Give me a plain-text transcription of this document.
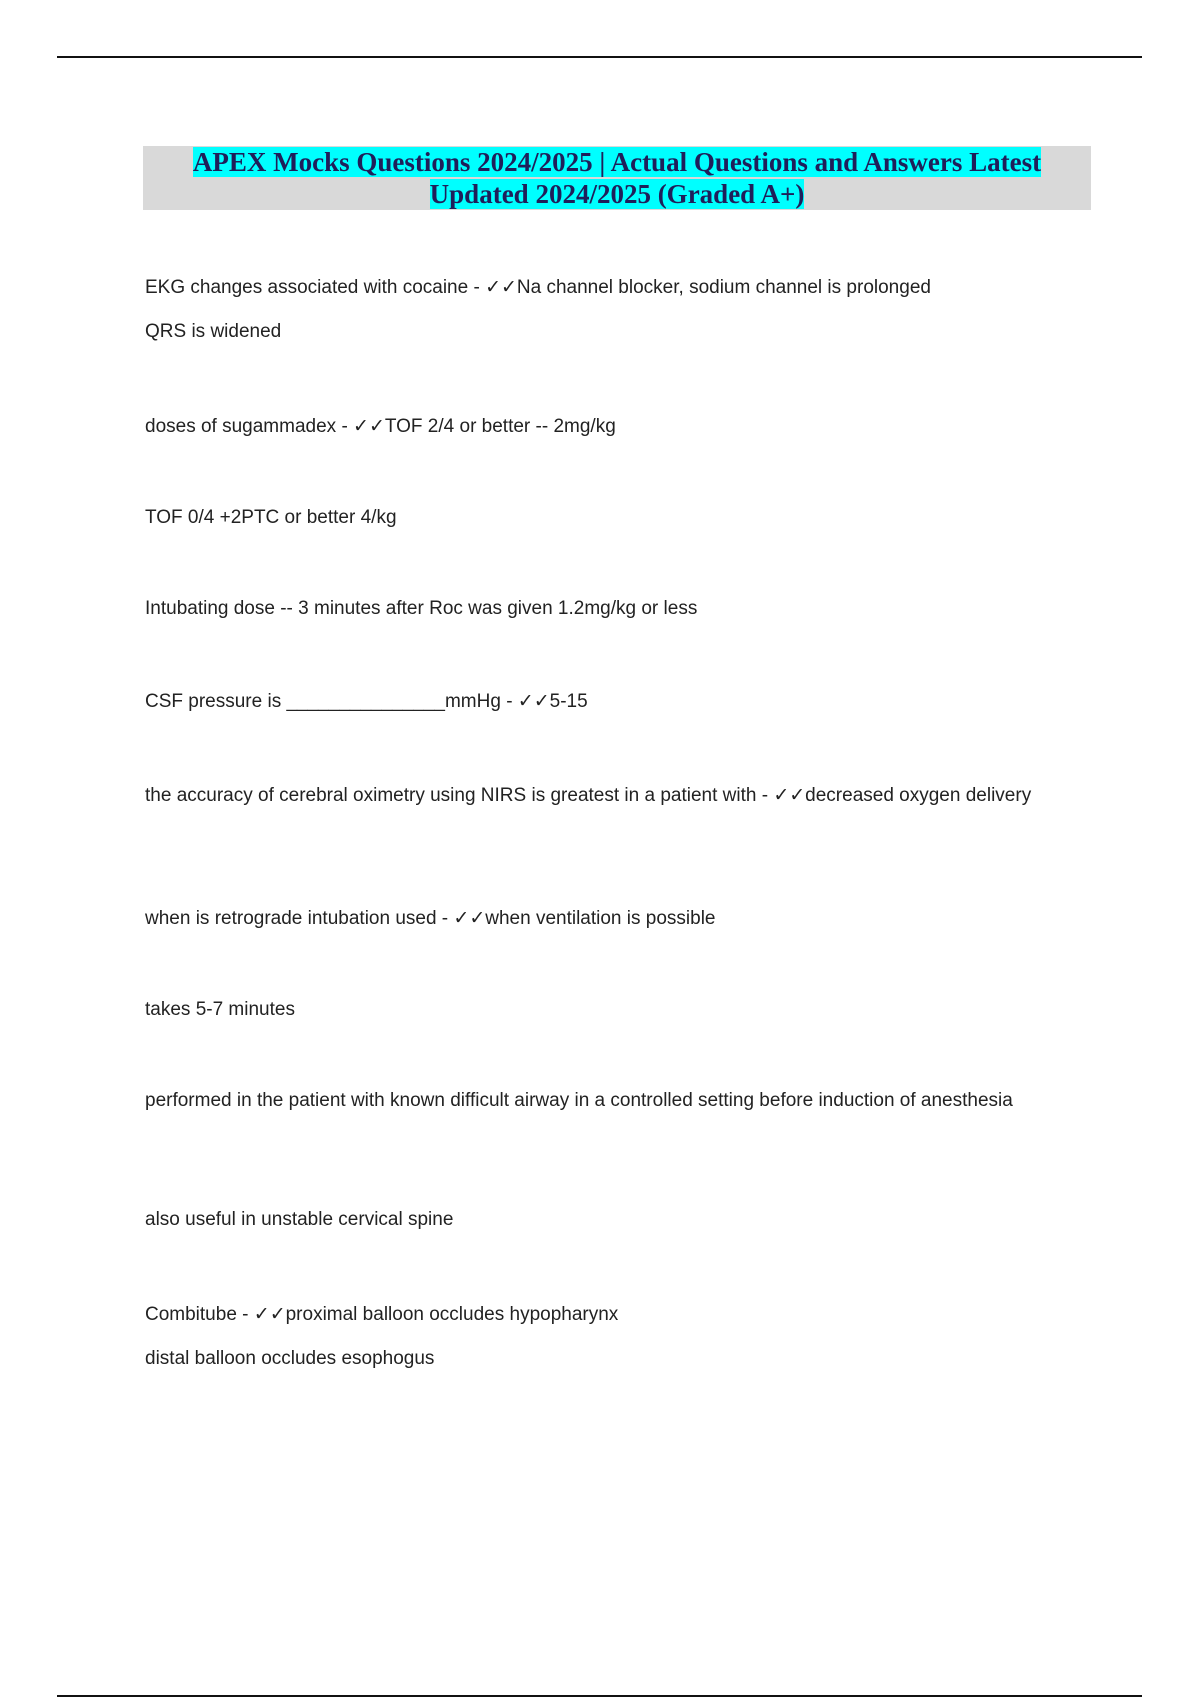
APEX Mocks Questions 2024/2025 | Actual Questions and Answers Latest
Updated 2024/2025 (Graded A+)
EKG changes associated with cocaine - ✓✓Na channel blocker, sodium channel is prolonged
QRS is widened
doses of sugammadex - ✓✓TOF 2/4 or better -- 2mg/kg
TOF 0/4 +2PTC or better 4/kg
Intubating dose -- 3 minutes after Roc was given 1.2mg/kg or less
CSF pressure is _______________mmHg - ✓✓5-15
the accuracy of cerebral oximetry using NIRS is greatest in a patient with - ✓✓decreased oxygen delivery
when is retrograde intubation used - ✓✓when ventilation is possible
takes 5-7 minutes
performed in the patient with known difficult airway in a controlled setting before induction of anesthesia
also useful in unstable cervical spine
Combitube - ✓✓proximal balloon occludes hypopharynx
distal balloon occludes esophogus
